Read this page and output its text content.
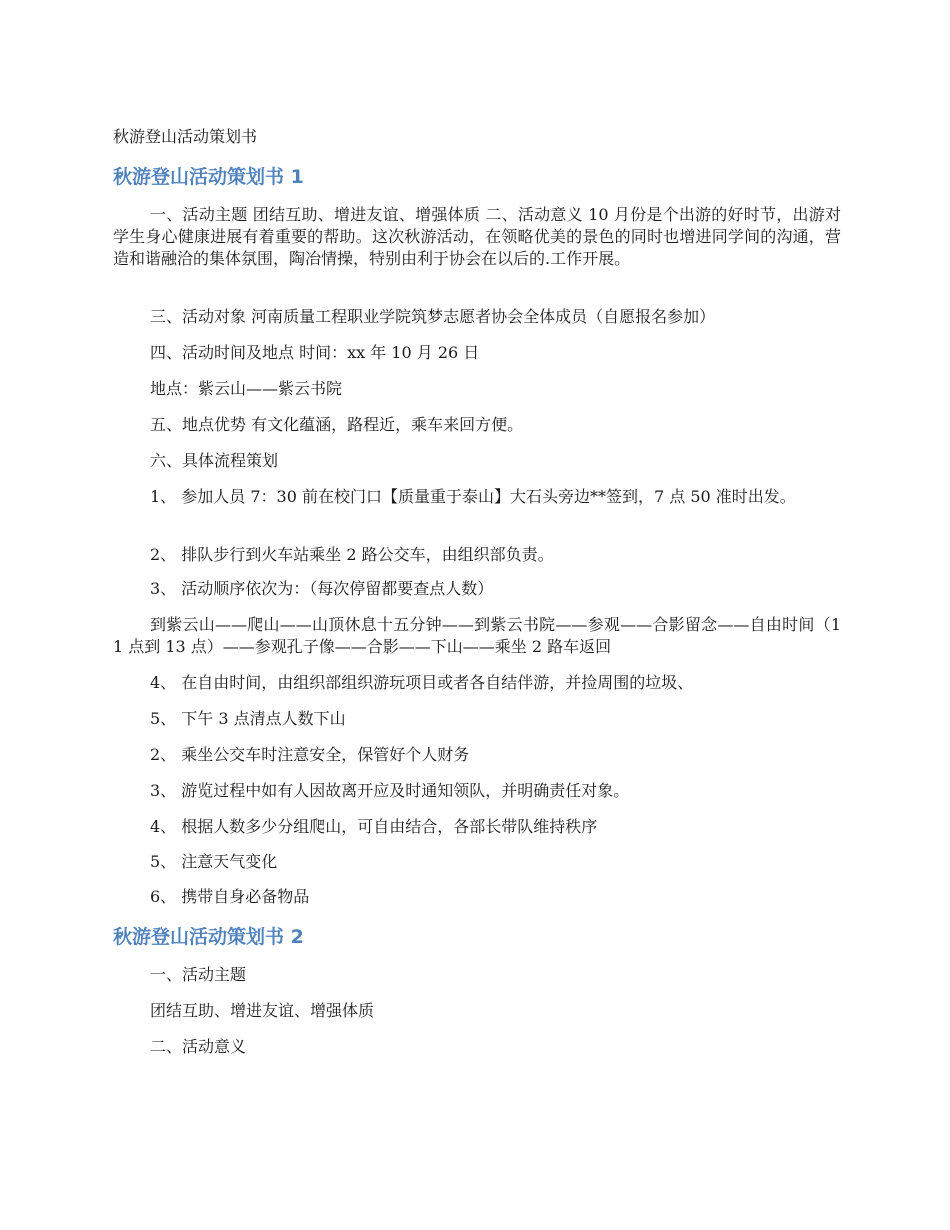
秋游登山活动策划书
秋游登山活动策划书 1
一、活动主题 团结互助、增进友谊、增强体质 二、活动意义 10 月份是个出游的好时节，出游对学生身心健康进展有着重要的帮助。这次秋游活动，在领略优美的景色的同时也增进同学间的沟通，营造和谐融洽的集体氛围，陶冶情操，特别由利于协会在以后的.工作开展。
三、活动对象 河南质量工程职业学院筑梦志愿者协会全体成员（自愿报名参加）
四、活动时间及地点 时间：xx 年 10 月 26 日
地点：紫云山——紫云书院
五、地点优势 有文化蕴涵，路程近，乘车来回方便。
六、具体流程策划
1、 参加人员 7：30 前在校门口【质量重于泰山】大石头旁边**签到，7 点 50 准时出发。
2、 排队步行到火车站乘坐 2 路公交车，由组织部负责。
3、 活动顺序依次为：（每次停留都要查点人数）
到紫云山——爬山——山顶休息十五分钟——到紫云书院——参观——合影留念——自由时间（11 点到 13 点）——参观孔子像——合影——下山——乘坐 2 路车返回
4、 在自由时间，由组织部组织游玩项目或者各自结伴游，并捡周围的垃圾、
5、 下午 3 点清点人数下山
2、 乘坐公交车时注意安全，保管好个人财务
3、 游览过程中如有人因故离开应及时通知领队，并明确责任对象。
4、 根据人数多少分组爬山，可自由结合，各部长带队维持秩序
5、 注意天气变化
6、 携带自身必备物品
秋游登山活动策划书 2
一、活动主题
团结互助、增进友谊、增强体质
二、活动意义
